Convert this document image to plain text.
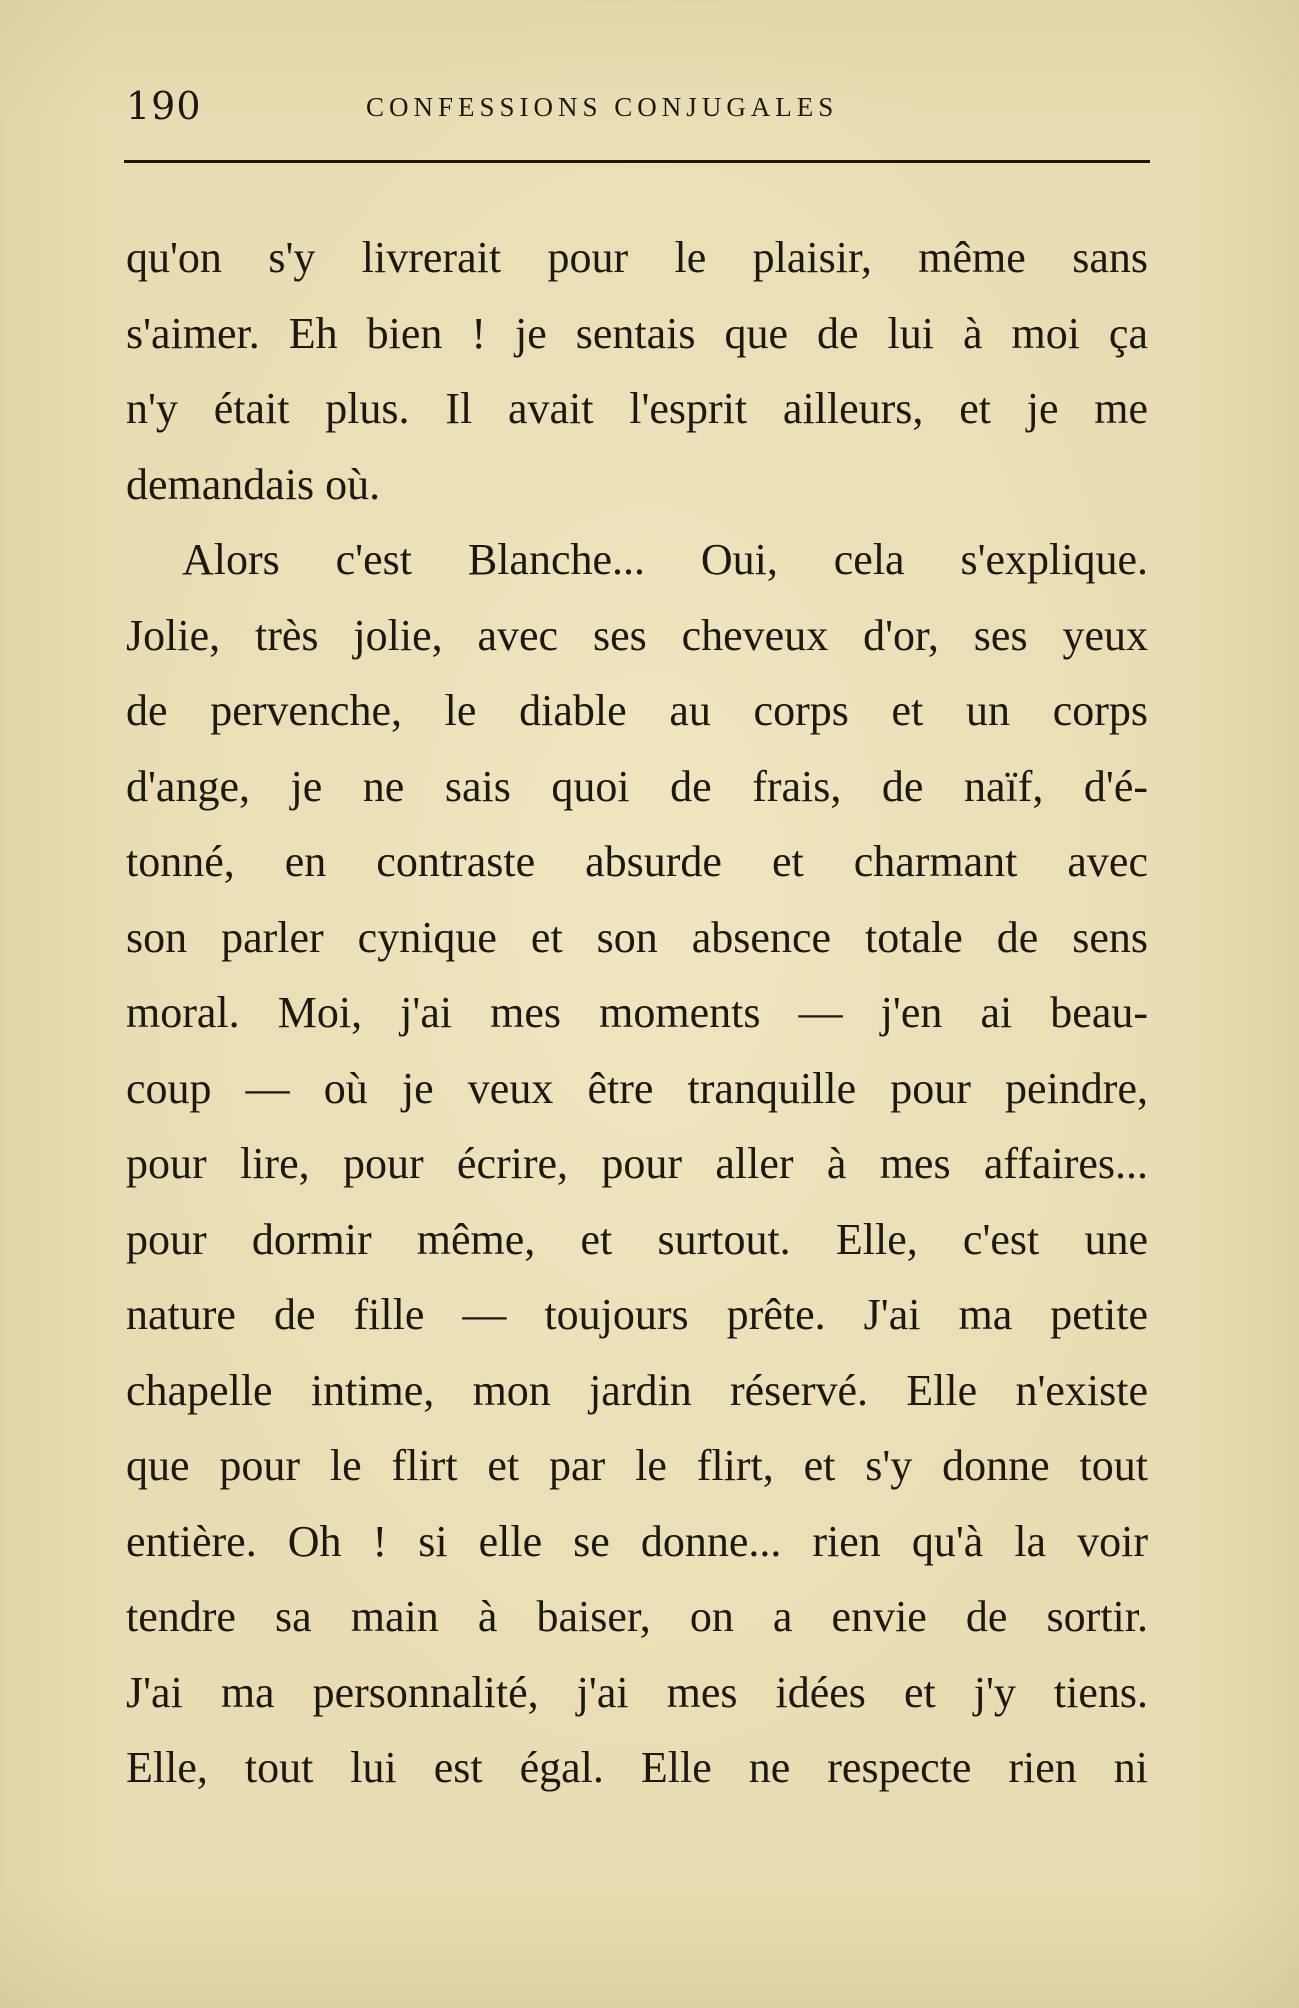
190	CONFESSIONS CONJUGALES
qu'on s'y livrerait pour le plaisir, même sans
s'aimer. Eh bien ! je sentais que de lui à moi ça
n'y était plus. Il avait l'esprit ailleurs, et je me
demandais où.
Alors c'est Blanche... Oui, cela s'explique.
Jolie, très jolie, avec ses cheveux d'or, ses yeux
de pervenche, le diable au corps et un corps
d'ange, je ne sais quoi de frais, de naïf, d'é-
tonné, en contraste absurde et charmant avec
son parler cynique et son absence totale de sens
moral. Moi, j'ai mes moments — j'en ai beau-
coup — où je veux être tranquille pour peindre,
pour lire, pour écrire, pour aller à mes affaires...
pour dormir même, et surtout. Elle, c'est une
nature de fille — toujours prête. J'ai ma petite
chapelle intime, mon jardin réservé. Elle n'existe
que pour le flirt et par le flirt, et s'y donne tout
entière. Oh ! si elle se donne... rien qu'à la voir
tendre sa main à baiser, on a envie de sortir.
J'ai ma personnalité, j'ai mes idées et j'y tiens.
Elle, tout lui est égal. Elle ne respecte rien ni
